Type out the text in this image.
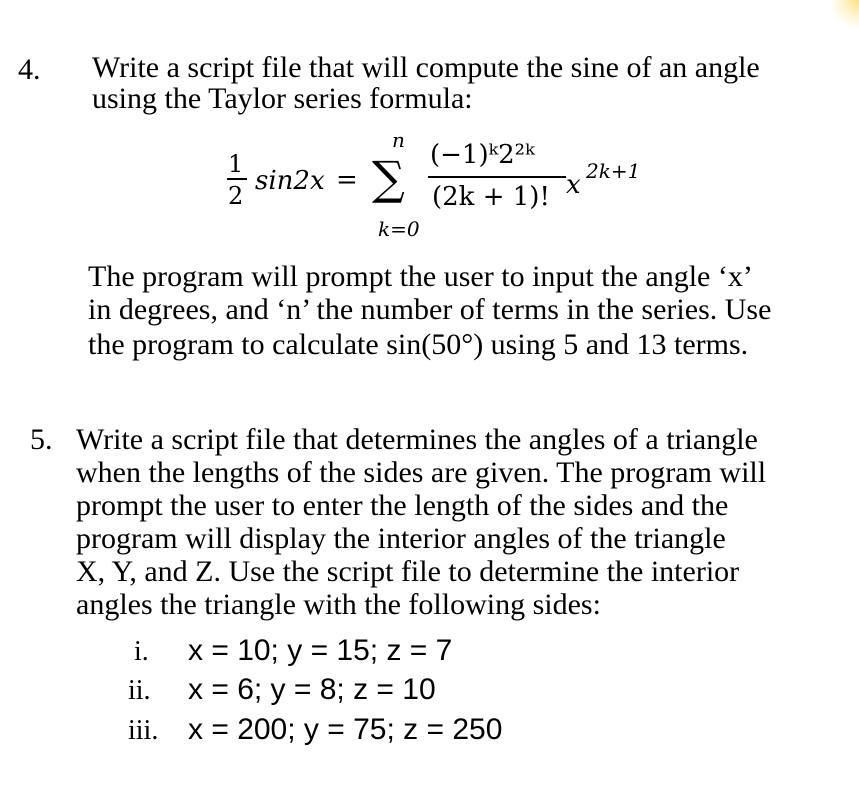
4. Write a script file that will compute the sine of an angle
using the Taylor series formula:
1
2 sin2x =
n
∑
k=0
(−1)ᵏ2²ᵏ
(2k + 1)! x 2k+1
The program will prompt the user to input the angle ‘x’
in degrees, and ‘n’ the number of terms in the series. Use
the program to calculate sin(50°) using 5 and 13 terms.
5. Write a script file that determines the angles of a triangle
when the lengths of the sides are given. The program will
prompt the user to enter the length of the sides and the
program will display the interior angles of the triangle
X, Y, and Z. Use the script file to determine the interior
angles the triangle with the following sides:
i. x = 10; y = 15; z = 7
ii. x = 6; y = 8; z = 10
iii. x = 200; y = 75; z = 250
